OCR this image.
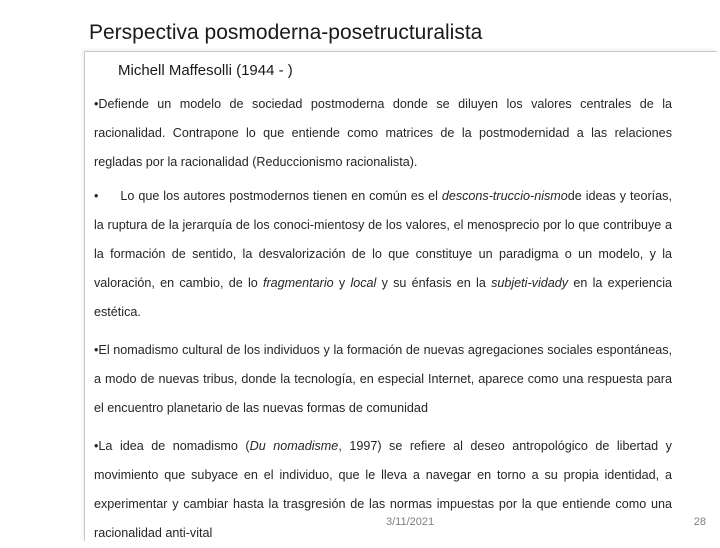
Perspectiva posmoderna-posetructuralista
Michell Maffesolli (1944 - )

•Defiende un modelo de sociedad postmoderna donde se diluyen los valores centrales de la racionalidad. Contrapone lo que entiende como matrices de la postmodernidad a las relaciones regladas por la racionalidad (Reduccionismo racionalista).

• Lo que los autores postmodernos tienen en común es el descons-truccio-nismode ideas y teorías, la ruptura de la jerarquía de los conoci-mientosy de los valores, el menosprecio por lo que contribuye a la formación de sentido, la desvalorización de lo que constituye un paradigma o un modelo, y la valoración, en cambio, de lo fragmentario y local y su énfasis en la subjeti-vidady en la experiencia estética.

•El nomadismo cultural de los individuos y la formación de nuevas agregaciones sociales espontáneas, a modo de nuevas tribus, donde la tecnología, en especial Internet, aparece como una respuesta para el encuentro planetario de las nuevas formas de comunidad

•La idea de nomadismo (Du nomadisme, 1997) se refiere al deseo antropológico de libertad y movimiento que subyace en el individuo, que le lleva a navegar en torno a su propia identidad, a experimentar y cambiar hasta la trasgresión de las normas impuestas por la que entiende como una racionalidad anti-vital

3/11/2021	28
